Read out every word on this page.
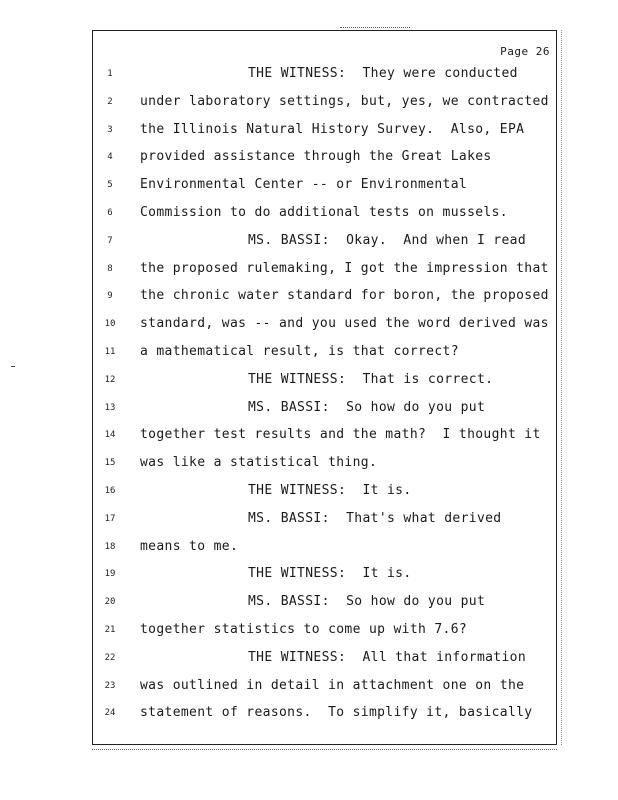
Page 26
1	THE WITNESS:  They were conducted
2	under laboratory settings, but, yes, we contracted
3	the Illinois Natural History Survey.  Also, EPA
4	provided assistance through the Great Lakes
5	Environmental Center -- or Environmental
6	Commission to do additional tests on mussels.
7	MS. BASSI:  Okay.  And when I read
8	the proposed rulemaking, I got the impression that
9	the chronic water standard for boron, the proposed
10	standard, was -- and you used the word derived was
11	a mathematical result, is that correct?
12	THE WITNESS:  That is correct.
13	MS. BASSI:  So how do you put
14	together test results and the math?  I thought it
15	was like a statistical thing.
16	THE WITNESS:  It is.
17	MS. BASSI:  That's what derived
18	means to me.
19	THE WITNESS:  It is.
20	MS. BASSI:  So how do you put
21	together statistics to come up with 7.6?
22	THE WITNESS:  All that information
23	was outlined in detail in attachment one on the
24	statement of reasons.  To simplify it, basically
